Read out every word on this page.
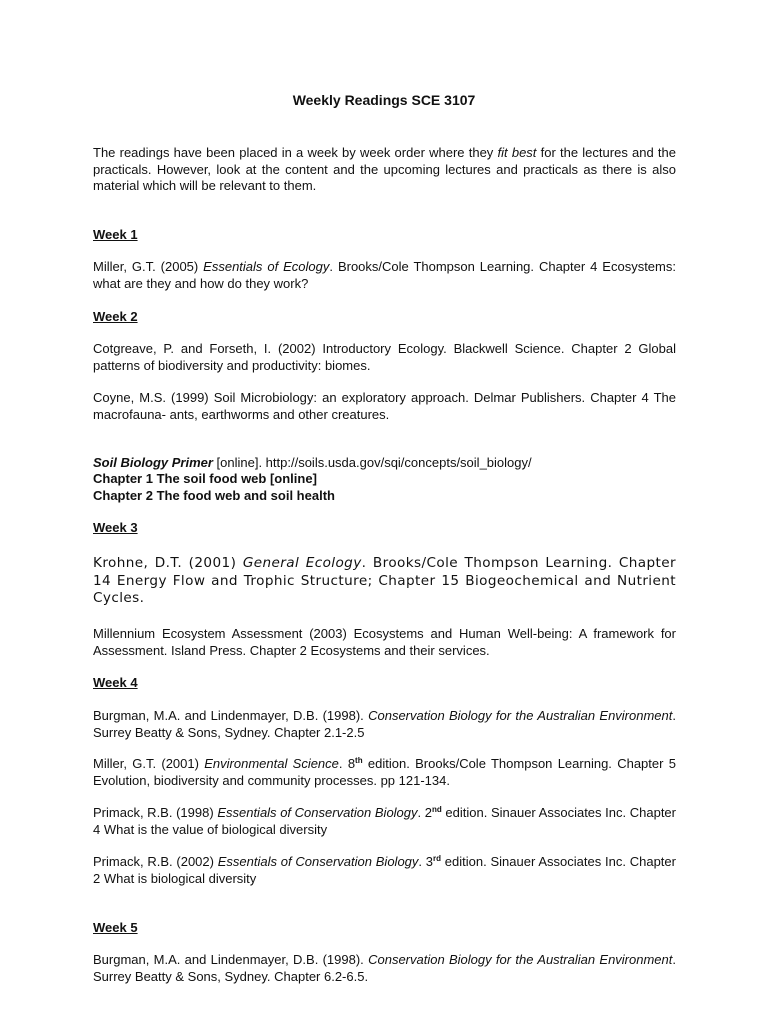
Weekly Readings SCE 3107

The readings have been placed in a week by week order where they fit best for the lectures and the practicals. However, look at the content and the upcoming lectures and practicals as there is also material which will be relevant to them.

Week 1

Miller, G.T. (2005) Essentials of Ecology. Brooks/Cole Thompson Learning. Chapter 4 Ecosystems: what are they and how do they work?

Week 2

Cotgreave, P. and Forseth, I. (2002) Introductory Ecology. Blackwell Science. Chapter 2 Global patterns of biodiversity and productivity: biomes.

Coyne, M.S. (1999) Soil Microbiology: an exploratory approach. Delmar Publishers. Chapter 4 The macrofauna- ants, earthworms and other creatures.

Soil Biology Primer [online]. http://soils.usda.gov/sqi/concepts/soil_biology/

Chapter 1 The soil food web [online]

Chapter 2 The food web and soil health

Week 3

Krohne, D.T. (2001) General Ecology. Brooks/Cole Thompson Learning. Chapter 14 Energy Flow and Trophic Structure; Chapter 15 Biogeochemical and Nutrient Cycles.

Millennium Ecosystem Assessment (2003) Ecosystems and Human Well-being: A framework for Assessment. Island Press. Chapter 2 Ecosystems and their services.

Week 4

Burgman, M.A. and Lindenmayer, D.B. (1998). Conservation Biology for the Australian Environment. Surrey Beatty & Sons, Sydney. Chapter 2.1-2.5

Miller, G.T. (2001) Environmental Science. 8th edition. Brooks/Cole Thompson Learning. Chapter 5 Evolution, biodiversity and community processes. pp 121-134.

Primack, R.B. (1998) Essentials of Conservation Biology. 2nd edition. Sinauer Associates Inc. Chapter 4 What is the value of biological diversity

Primack, R.B. (2002) Essentials of Conservation Biology. 3rd edition. Sinauer Associates Inc. Chapter 2 What is biological diversity

Week 5

Burgman, M.A. and Lindenmayer, D.B. (1998). Conservation Biology for the Australian Environment. Surrey Beatty & Sons, Sydney. Chapter 6.2-6.5.
